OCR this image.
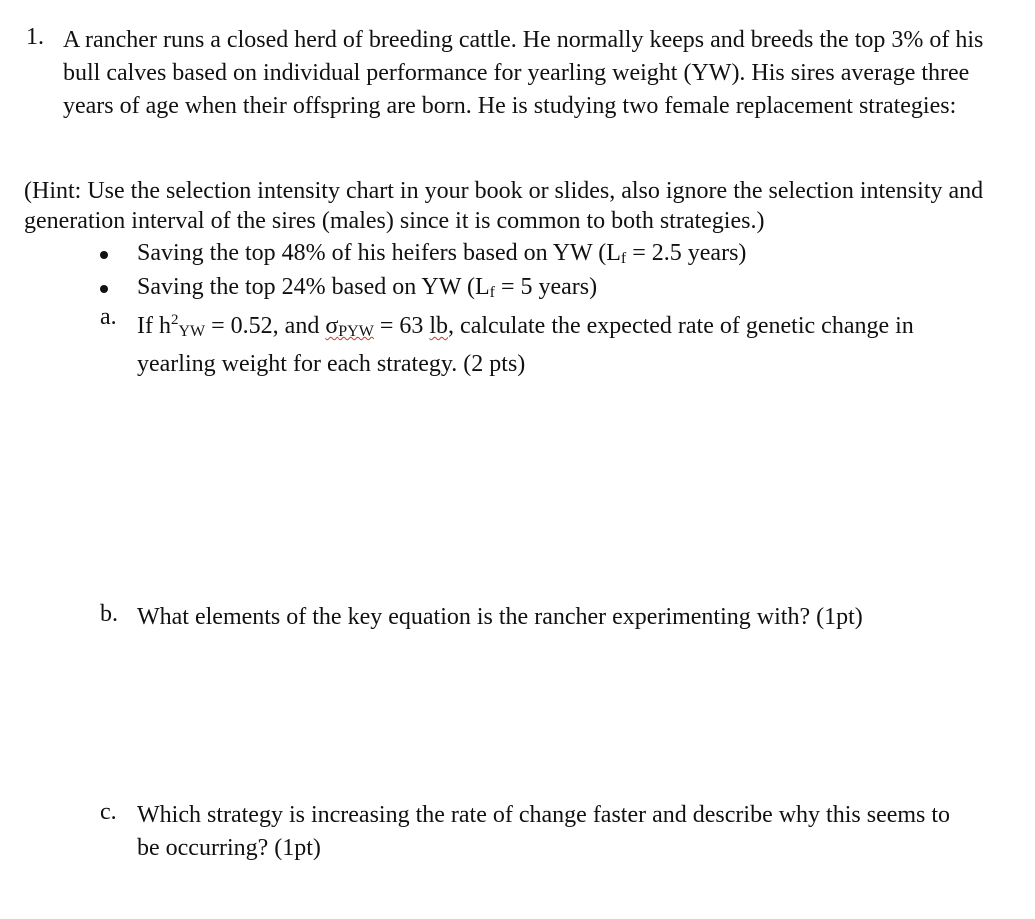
1. A rancher runs a closed herd of breeding cattle. He normally keeps and breeds the top 3% of his bull calves based on individual performance for yearling weight (YW). His sires average three years of age when their offspring are born. He is studying two female replacement strategies:
(Hint: Use the selection intensity chart in your book or slides, also ignore the selection intensity and generation interval of the sires (males) since it is common to both strategies.)
Saving the top 48% of his heifers based on YW (Lf = 2.5 years)
Saving the top 24% based on YW (Lf = 5 years)
a. If $h^2YW = 0.52$, and σPYW = 63 lb, calculate the expected rate of genetic change in yearling weight for each strategy. (2 pts)
b. What elements of the key equation is the rancher experimenting with? (1pt)
c. Which strategy is increasing the rate of change faster and describe why this seems to be occurring? (1pt)
